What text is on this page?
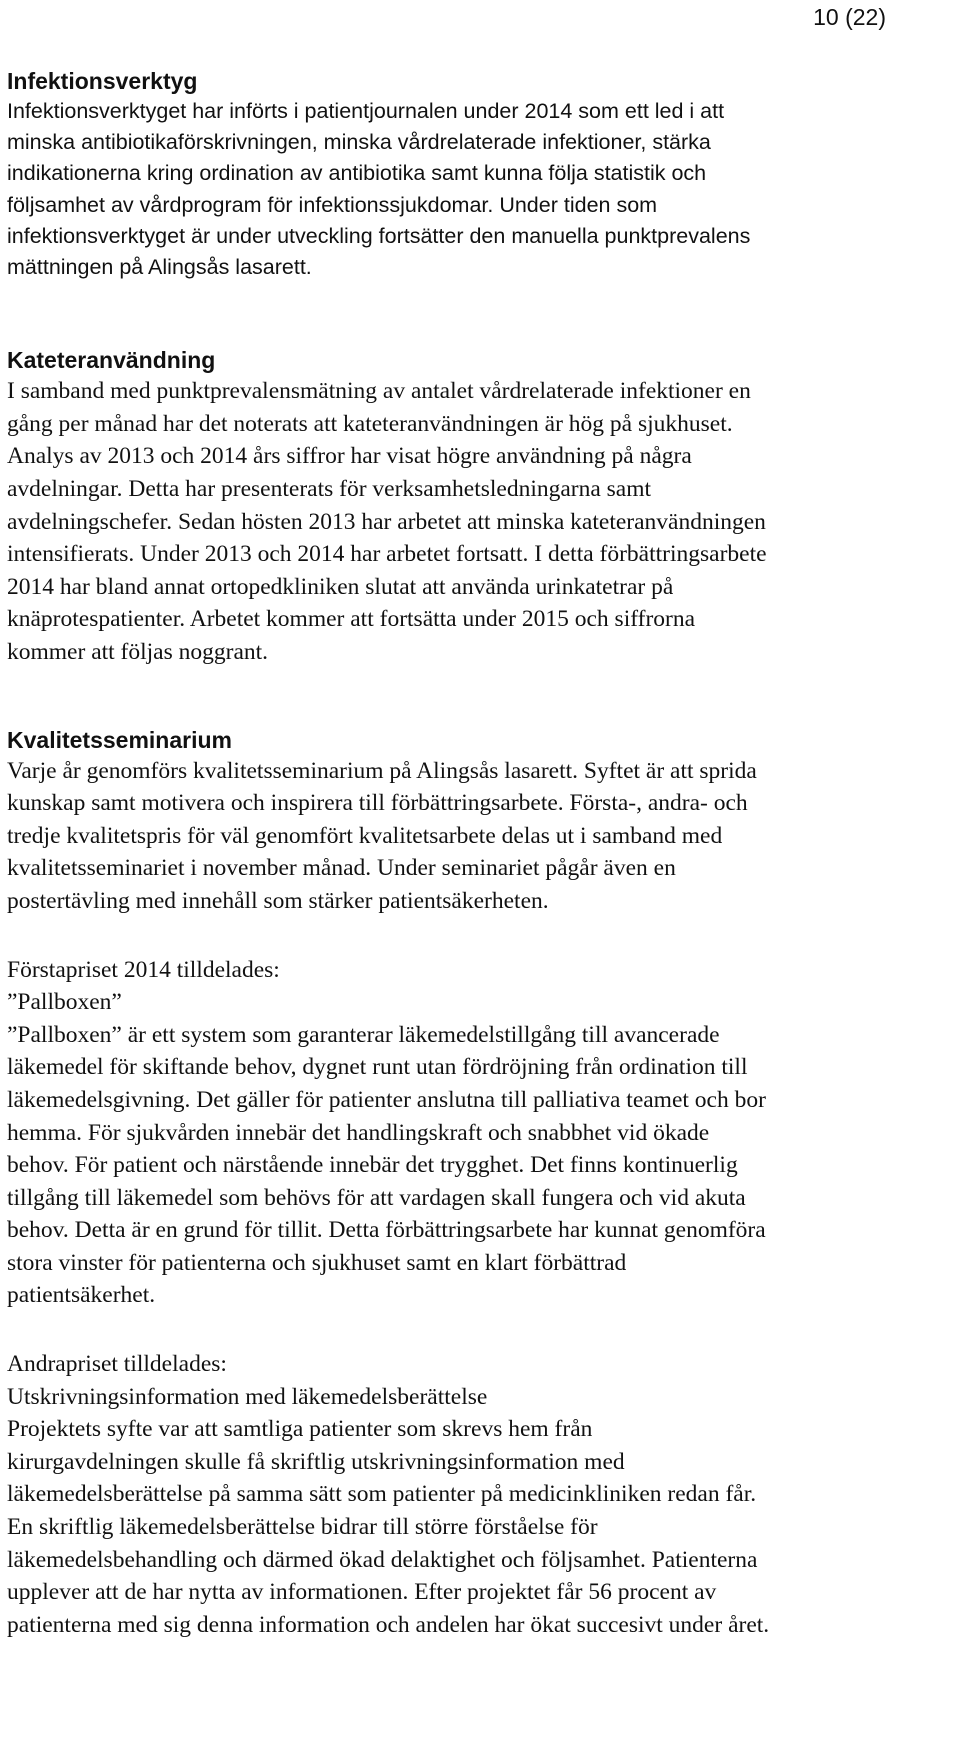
10 (22)
Infektionsverktyg

Infektionsverktyget har införts i patientjournalen under 2014 som ett led i att
minska antibiotikaförskrivningen, minska vårdrelaterade infektioner, stärka
indikationerna kring ordination av antibiotika samt kunna följa statistik och
följsamhet av vårdprogram för infektionssjukdomar. Under tiden som
infektionsverktyget är under utveckling fortsätter den manuella punktprevalens
mättningen på Alingsås lasarett.

Kateteranvändning

I samband med punktprevalensmätning av antalet vårdrelaterade infektioner en
gång per månad har det noterats att kateteranvändningen är hög på sjukhuset.
Analys av 2013 och 2014 års siffror har visat högre användning på några
avdelningar. Detta har presenterats för verksamhetsledningarna samt
avdelningschefer. Sedan hösten 2013 har arbetet att minska kateteranvändningen
intensifierats. Under 2013 och 2014 har arbetet fortsatt. I detta förbättringsarbete
2014 har bland annat ortopedkliniken slutat att använda urinkatetrar på
knäprotespatienter. Arbetet kommer att fortsätta under 2015 och siffrorna
kommer att följas noggrant.

Kvalitetsseminarium

Varje år genomförs kvalitetsseminarium på Alingsås lasarett. Syftet är att sprida
kunskap samt motivera och inspirera till förbättringsarbete. Första-, andra- och
tredje kvalitetspris för väl genomfört kvalitetsarbete delas ut i samband med
kvalitetsseminariet i november månad. Under seminariet pågår även en
postertävling med innehåll som stärker patientsäkerheten.

Förstapriset 2014 tilldelades:

”Pallboxen”

”Pallboxen” är ett system som garanterar läkemedelstillgång till avancerade
läkemedel för skiftande behov, dygnet runt utan fördröjning från ordination till
läkemedelsgivning. Det gäller för patienter anslutna till palliativa teamet och bor
hemma. För sjukvården innebär det handlingskraft och snabbhet vid ökade
behov. För patient och närstående innebär det trygghet. Det finns kontinuerlig
tillgång till läkemedel som behövs för att vardagen skall fungera och vid akuta
behov. Detta är en grund för tillit. Detta förbättringsarbete har kunnat genomföra
stora vinster för patienterna och sjukhuset samt en klart förbättrad
patientsäkerhet.

Andrapriset tilldelades:

Utskrivningsinformation med läkemedelsberättelse

Projektets syfte var att samtliga patienter som skrevs hem från
kirurgavdelningen skulle få skriftlig utskrivningsinformation med
läkemedelsberättelse på samma sätt som patienter på medicinkliniken redan får.
En skriftlig läkemedelsberättelse bidrar till större förståelse för
läkemedelsbehandling och därmed ökad delaktighet och följsamhet. Patienterna
upplever att de har nytta av informationen. Efter projektet får 56 procent av
patienterna med sig denna information och andelen har ökat succesivt under året.
